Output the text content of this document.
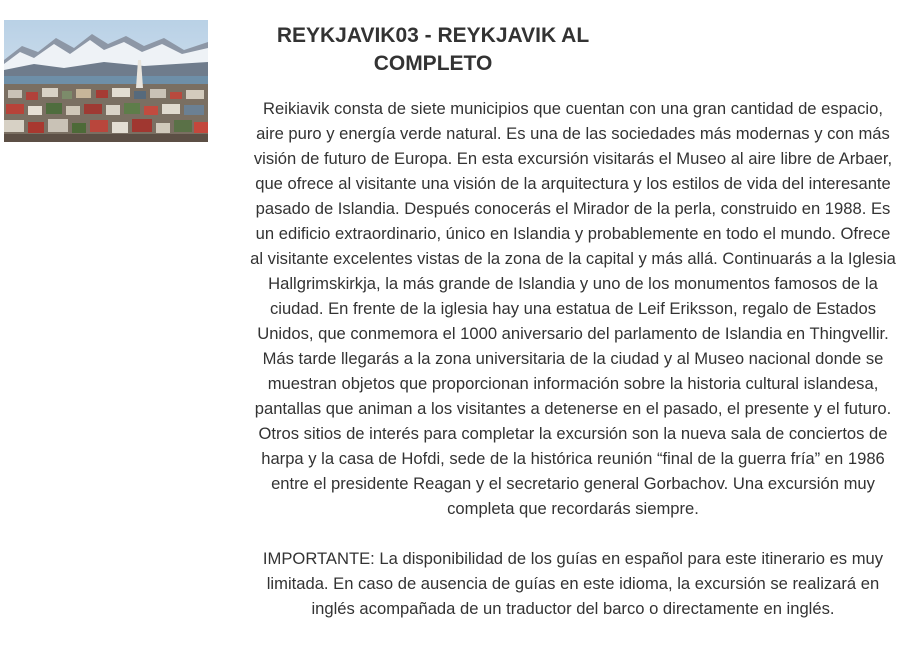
REYKJAVIK03 - REYKJAVIK AL COMPLETO

Reikiavik consta de siete municipios que cuentan con una gran cantidad de espacio, aire puro y energía verde natural. Es una de las sociedades más modernas y con más visión de futuro de Europa. En esta excursión visitarás el Museo al aire libre de Arbaer, que ofrece al visitante una visión de la arquitectura y los estilos de vida del interesante pasado de Islandia. Después conocerás el Mirador de la perla, construido en 1988. Es un edificio extraordinario, único en Islandia y probablemente en todo el mundo. Ofrece al visitante excelentes vistas de la zona de la capital y más allá. Continuarás a la Iglesia Hallgrimskirkja, la más grande de Islandia y uno de los monumentos famosos de la ciudad. En frente de la iglesia hay una estatua de Leif Eriksson, regalo de Estados Unidos, que conmemora el 1000 aniversario del parlamento de Islandia en Thingvellir. Más tarde llegarás a la zona universitaria de la ciudad y al Museo nacional donde se muestran objetos que proporcionan información sobre la historia cultural islandesa, pantallas que animan a los visitantes a detenerse en el pasado, el presente y el futuro. Otros sitios de interés para completar la excursión son la nueva sala de conciertos de harpa y la casa de Hofdi, sede de la histórica reunión “final de la guerra fría” en 1986 entre el presidente Reagan y el secretario general Gorbachov. Una excursión muy completa que recordarás siempre.

IMPORTANTE: La disponibilidad de los guías en español para este itinerario es muy limitada. En caso de ausencia de guías en este idioma, la excursión se realizará en inglés acompañada de un traductor del barco o directamente en inglés.
